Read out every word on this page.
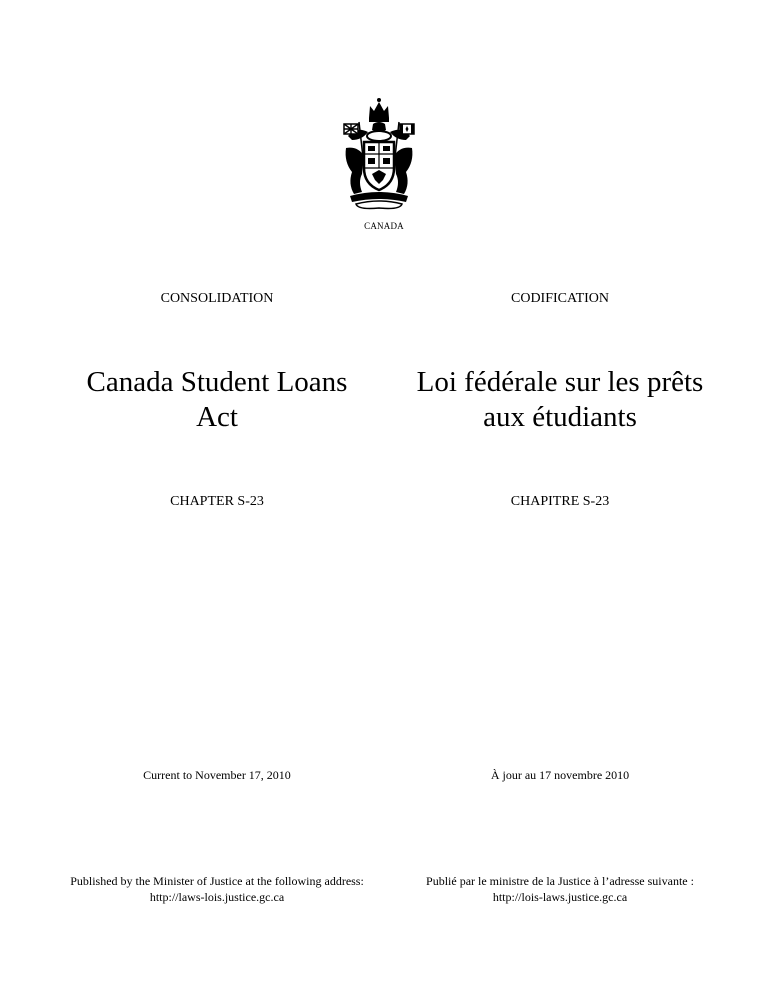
CANADA
CONSOLIDATION
Canada Student Loans
Act
CHAPTER S-23
Current to November 17, 2010
Published by the Minister of Justice at the following address:
http://laws-lois.justice.gc.ca
CODIFICATION
Loi fédérale sur les prêts
aux étudiants
CHAPITRE S-23
À jour au 17 novembre 2010
Publié par le ministre de la Justice à l’adresse suivante :
http://lois-laws.justice.gc.ca
